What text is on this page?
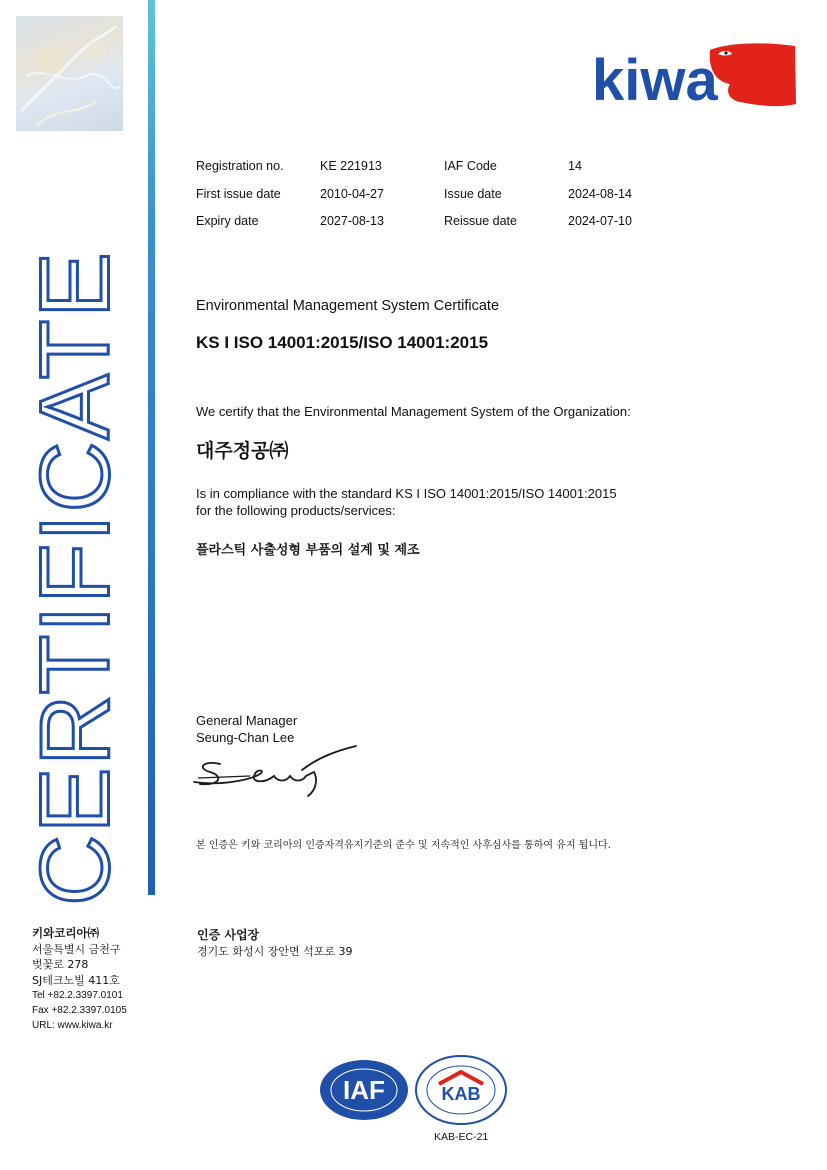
CERTIFICATE
kiwa
Registration no.	KE 221913	IAF Code	14
First issue date	2010-04-27	Issue date	2024-08-14
Expiry date	2027-08-13	Reissue date	2024-07-10
Environmental Management System Certificate
KS I ISO 14001:2015/ISO 14001:2015
We certify that the Environmental Management System of the Organization:
대주정공㈜
Is in compliance with the standard KS I ISO 14001:2015/ISO 14001:2015
for the following products/services:
플라스틱 사출성형 부품의 설계 및 제조
General Manager
Seung-Chan Lee
본 인증은 키와 코리아의 인증자격유지기준의 준수 및 지속적인 사후심사를 통하여 유지 됩니다.
키와코리아㈜
서울특별시 금천구
벚꽃로 278
SJ테크노빌 411호
Tel +82.2.3397.0101
Fax +82.2.3397.0105
URL: www.kiwa.kr
인증 사업장
경기도 화성시 장안면 석포로 39
IAF	KAB
KAB-EC-21
